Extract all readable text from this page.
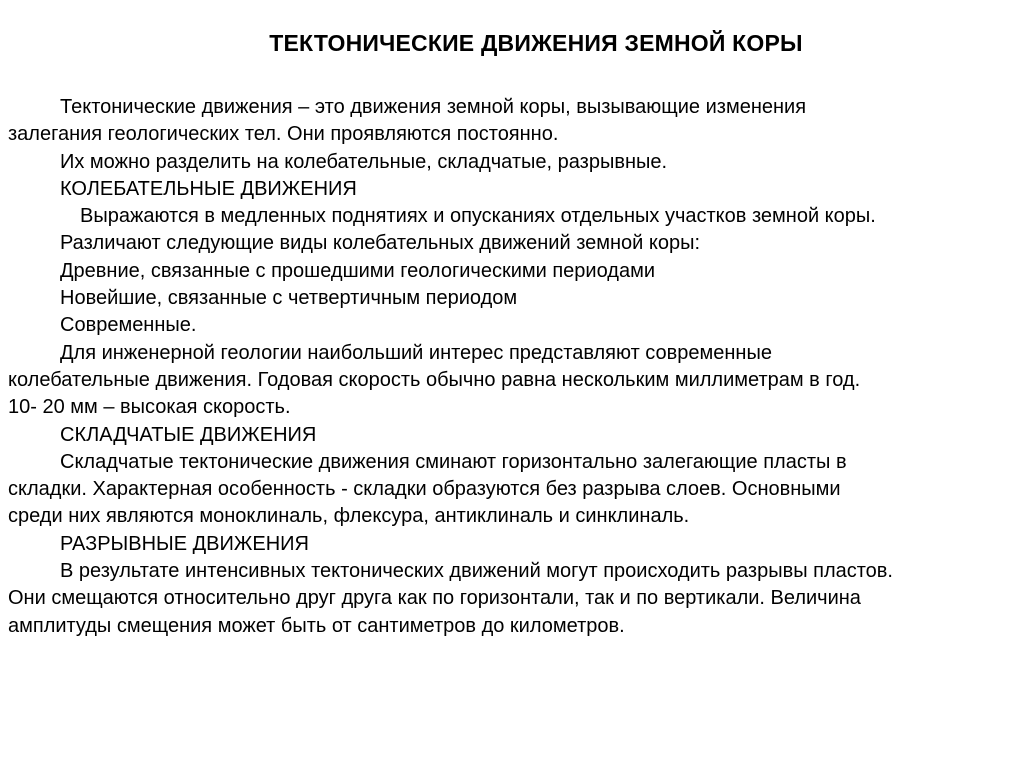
ТЕКТОНИЧЕСКИЕ ДВИЖЕНИЯ ЗЕМНОЙ КОРЫ
Тектонические движения – это движения земной коры, вызывающие изменения
залегания геологических тел. Они проявляются постоянно.
Их можно разделить на колебательные, складчатые, разрывные.
КОЛЕБАТЕЛЬНЫЕ ДВИЖЕНИЯ
Выражаются в медленных поднятиях и опусканиях отдельных участков земной коры.
Различают следующие виды колебательных движений земной коры:
Древние, связанные с прошедшими геологическими периодами
Новейшие, связанные с четвертичным периодом
Современные.
Для инженерной геологии наибольший интерес представляют современные
колебательные движения. Годовая скорость обычно равна нескольким миллиметрам в год.
10- 20 мм – высокая скорость.
СКЛАДЧАТЫЕ ДВИЖЕНИЯ
Складчатые тектонические движения сминают горизонтально залегающие пласты в
складки. Характерная особенность - складки образуются без разрыва слоев. Основными
среди них являются моноклиналь, флексура, антиклиналь и синклиналь.
РАЗРЫВНЫЕ ДВИЖЕНИЯ
В результате интенсивных тектонических движений могут происходить разрывы пластов.
Они смещаются относительно друг друга как по горизонтали, так и по вертикали. Величина
амплитуды смещения может быть от сантиметров до километров.
